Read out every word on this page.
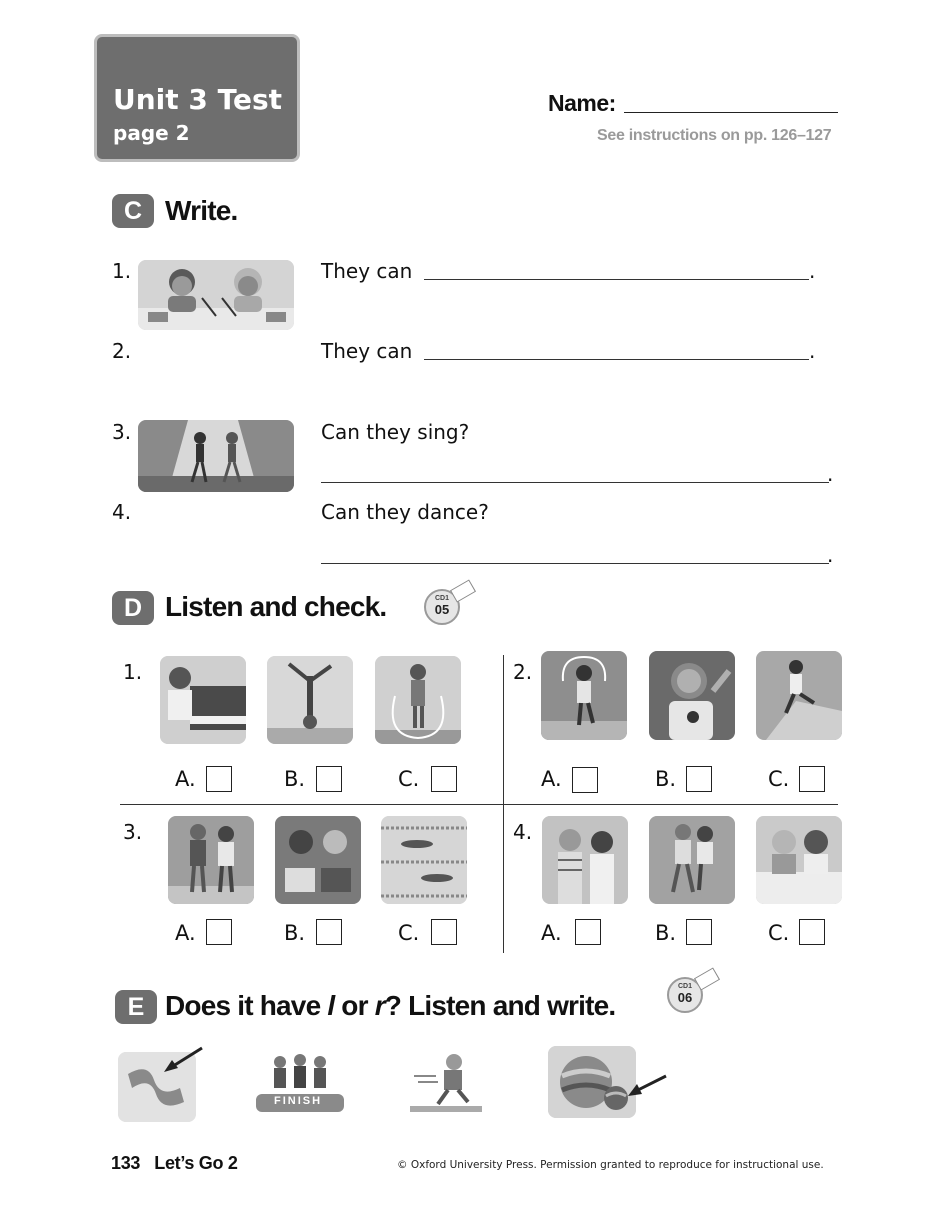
Unit 3 Test
page 2
Name:
See instructions on pp. 126–127
C Write.
1.	They can	.
2.	They can	.
3.	Can they sing?
.
4.	Can they dance?
.
D Listen and check.	CD1
05
1.
A.	B.	C.
2.
A.	B.	C.
3.
A.	B.	C.
4.
A.	B.	C.
E Does it have l or r? Listen and write.
CD1
06
FINISH
133 Let’s Go 2	© Oxford University Press. Permission granted to reproduce for instructional use.
